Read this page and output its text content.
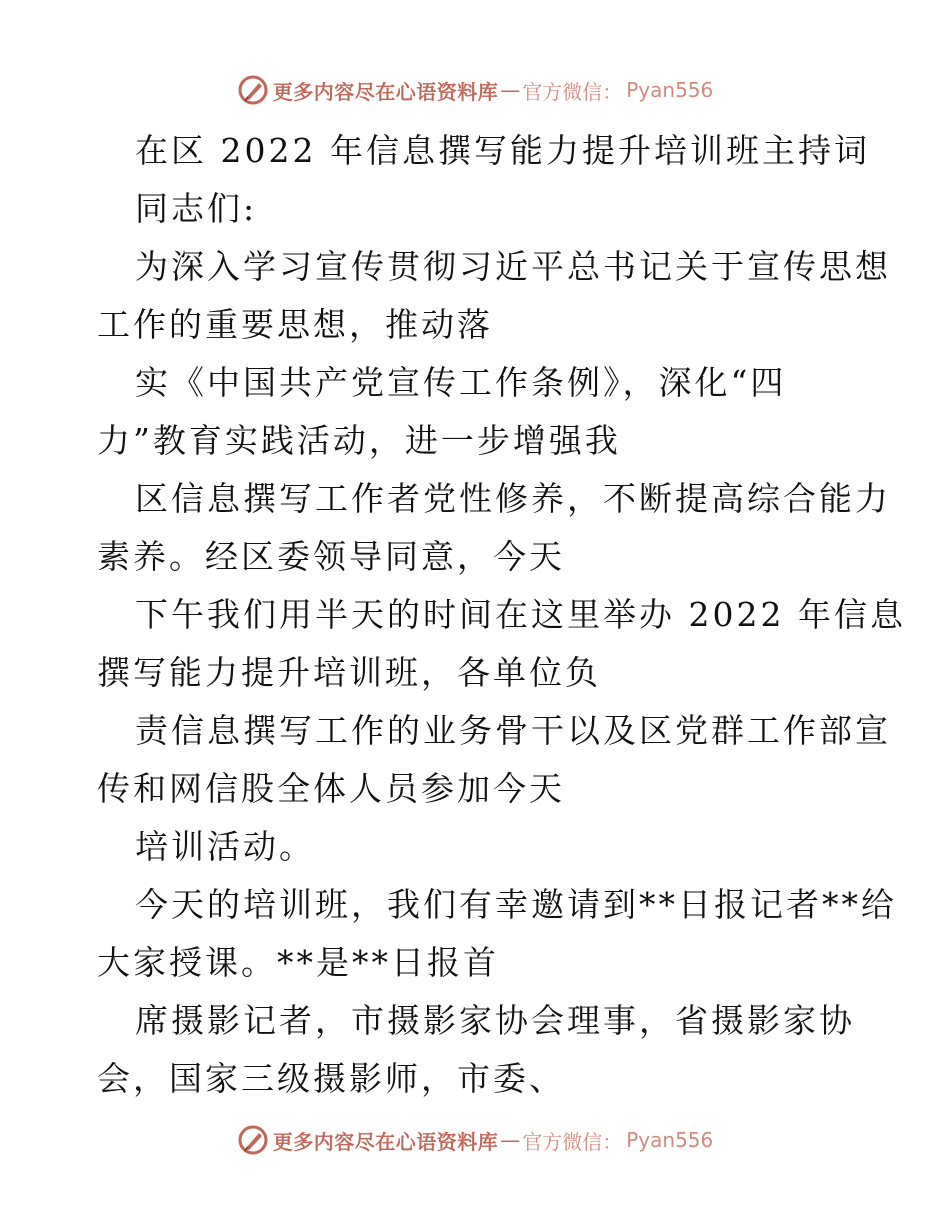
更多内容尽在心语资料库 — 官方微信： Pyan556
在区 2022 年信息撰写能力提升培训班主持词
同志们:
为深入学习宣传贯彻习近平总书记关于宣传思想
工作的重要思想，推动落
实《中国共产党宣传工作条例》，深化“四
力”教育实践活动，进一步增强我
区信息撰写工作者党性修养，不断提高综合能力
素养。经区委领导同意，今天
下午我们用半天的时间在这里举办 2022 年信息
撰写能力提升培训班，各单位负
责信息撰写工作的业务骨干以及区党群工作部宣
传和网信股全体人员参加今天
培训活动。
今天的培训班，我们有幸邀请到**日报记者**给
大家授课。**是**日报首
席摄影记者，市摄影家协会理事，省摄影家协
会，国家三级摄影师，市委、
更多内容尽在心语资料库 — 官方微信： Pyan556
